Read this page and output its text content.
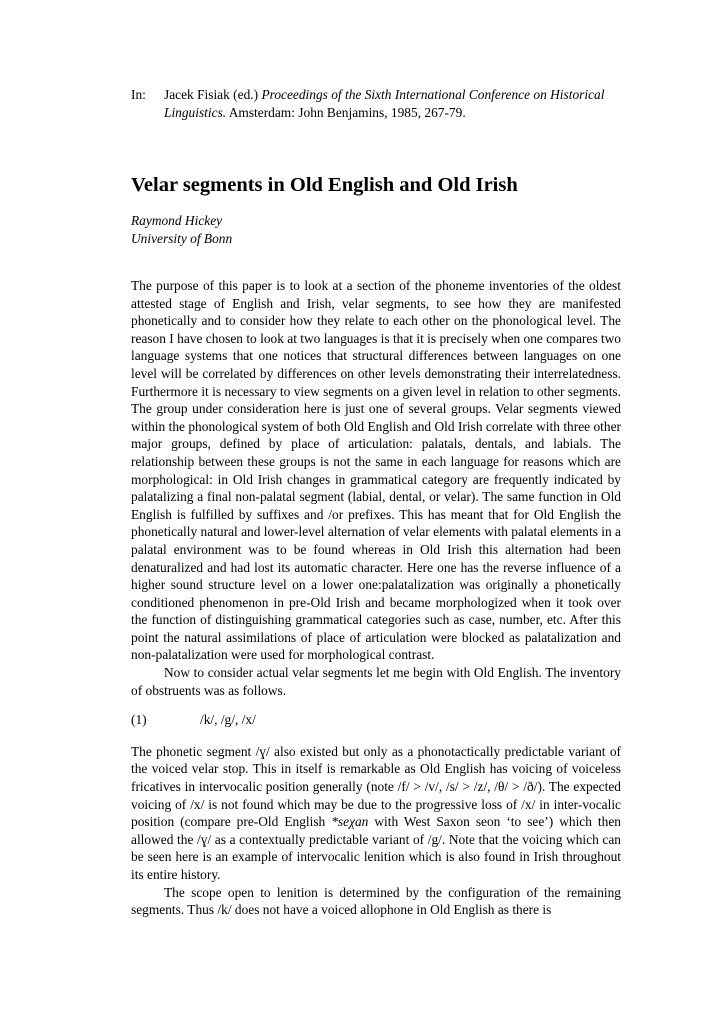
In: Jacek Fisiak (ed.) Proceedings of the Sixth International Conference on Historical Linguistics. Amsterdam: John Benjamins, 1985, 267-79.
Velar segments in Old English and Old Irish
Raymond Hickey
University of Bonn

The purpose of this paper is to look at a section of the phoneme inventories of the oldest attested stage of English and Irish, velar segments, to see how they are manifested phonetically and to consider how they relate to each other on the phonological level. The reason I have chosen to look at two languages is that it is precisely when one compares two language systems that one notices that structural differences between languages on one level will be correlated by differences on other levels demonstrating their interrelatedness. Furthermore it is necessary to view segments on a given level in relation to other segments. The group under consideration here is just one of several groups. Velar segments viewed within the phonological system of both Old English and Old Irish correlate with three other major groups, defined by place of articulation: palatals, dentals, and labials. The relationship between these groups is not the same in each language for reasons which are morphological: in Old Irish changes in grammatical category are frequently indicated by palatalizing a final non-palatal segment (labial, dental, or velar). The same function in Old English is fulfilled by suffixes and /or prefixes. This has meant that for Old English the phonetically natural and lower-level alternation of velar elements with palatal elements in a palatal environment was to be found whereas in Old Irish this alternation had been denaturalized and had lost its automatic character. Here one has the reverse influence of a higher sound structure level on a lower one:palatalization was originally a phonetically conditioned phenomenon in pre-Old Irish and became morphologized when it took over the function of distinguishing grammatical categories such as case, number, etc. After this point the natural assimilations of place of articulation were blocked as palatalization and non-palatalization were used for morphological contrast.

Now to consider actual velar segments let me begin with Old English. The inventory of obstruents was as follows.

(1)	/k/, /g/, /x/

The phonetic segment /ɣ/ also existed but only as a phonotactically predictable variant of the voiced velar stop. This in itself is remarkable as Old English has voicing of voiceless fricatives in intervocalic position generally (note /f/ > /v/, /s/ > /z/, /θ/ > /ð/). The expected voicing of /x/ is not found which may be due to the progressive loss of /x/ in inter-vocalic position (compare pre-Old English *seχan with West Saxon seon ‘to see’) which then allowed the /ɣ/ as a contextually predictable variant of /g/. Note that the voicing which can be seen here is an example of intervocalic lenition which is also found in Irish throughout its entire history.

The scope open to lenition is determined by the configuration of the remaining segments. Thus /k/ does not have a voiced allophone in Old English as there is
